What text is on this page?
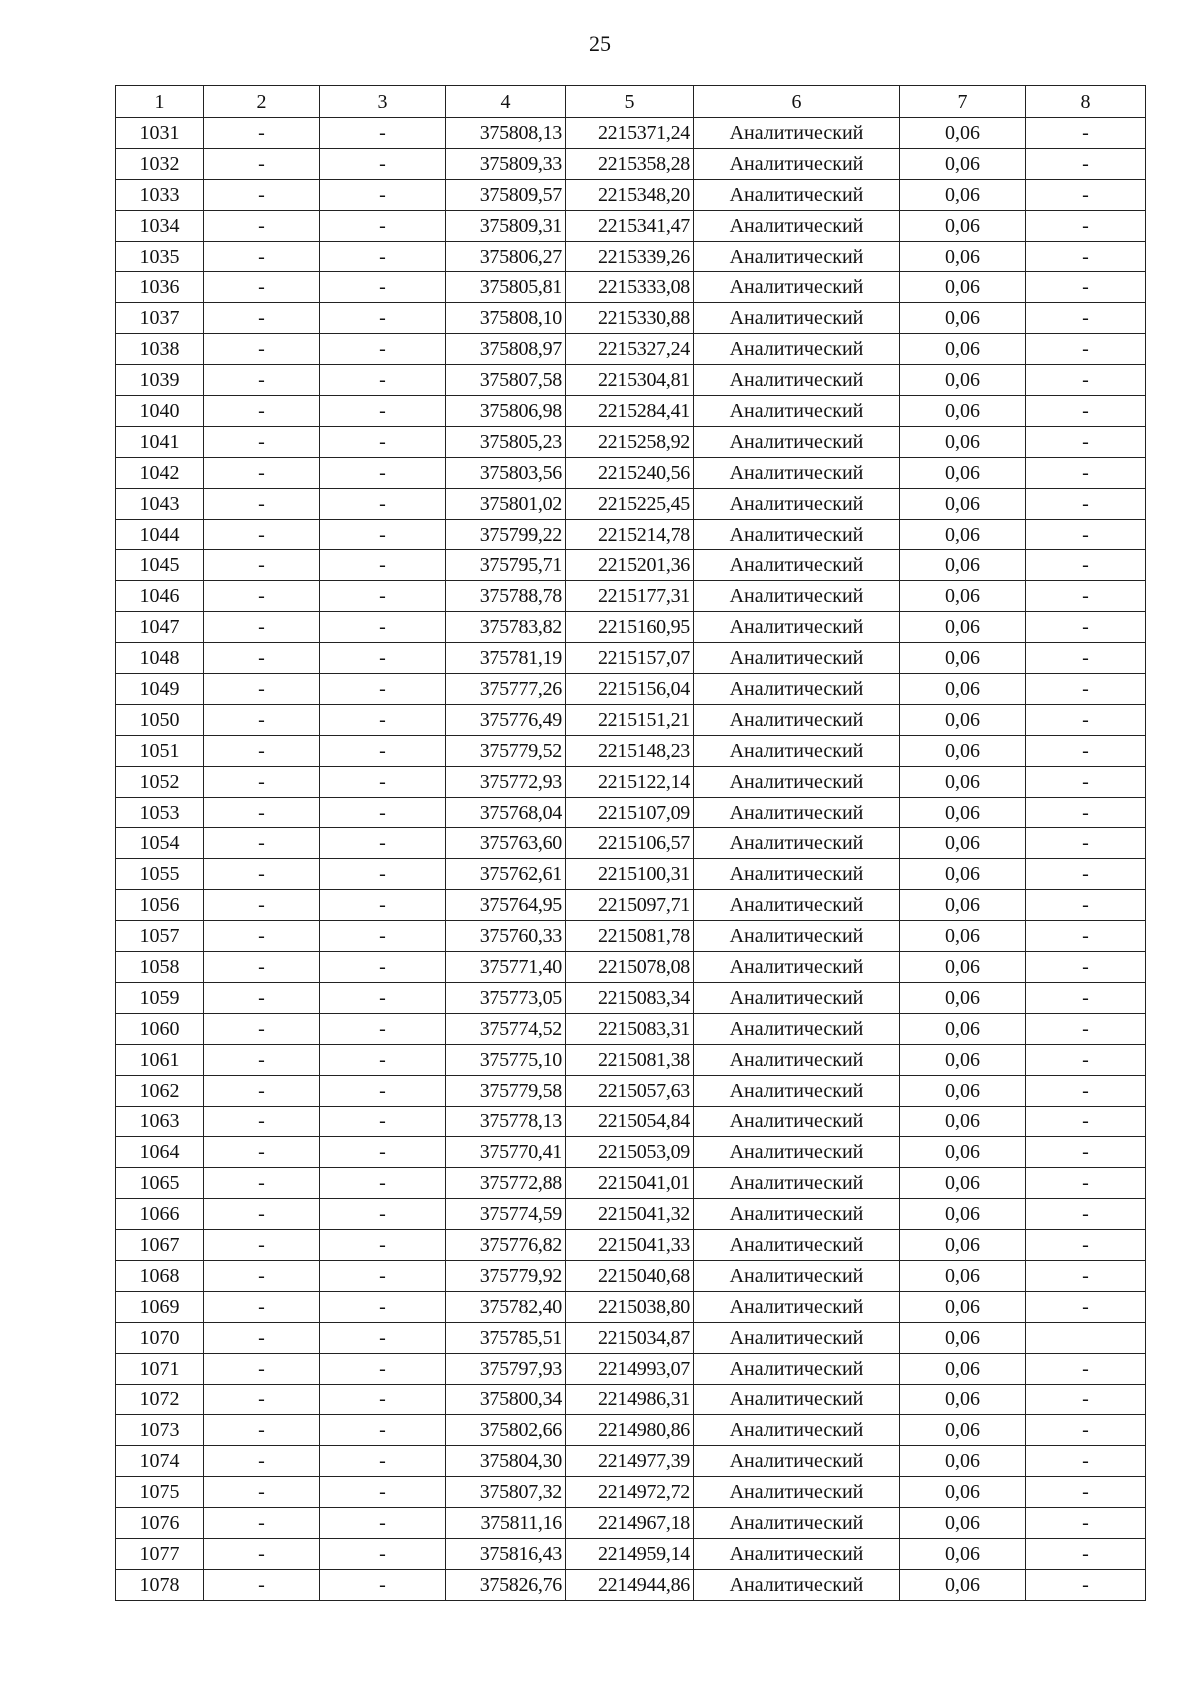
25
1	2	3	4	5	6	7	8
1031	-	-	375808,13	2215371,24	Аналитический	0,06	-
1032	-	-	375809,33	2215358,28	Аналитический	0,06	-
1033	-	-	375809,57	2215348,20	Аналитический	0,06	-
1034	-	-	375809,31	2215341,47	Аналитический	0,06	-
1035	-	-	375806,27	2215339,26	Аналитический	0,06	-
1036	-	-	375805,81	2215333,08	Аналитический	0,06	-
1037	-	-	375808,10	2215330,88	Аналитический	0,06	-
1038	-	-	375808,97	2215327,24	Аналитический	0,06	-
1039	-	-	375807,58	2215304,81	Аналитический	0,06	-
1040	-	-	375806,98	2215284,41	Аналитический	0,06	-
1041	-	-	375805,23	2215258,92	Аналитический	0,06	-
1042	-	-	375803,56	2215240,56	Аналитический	0,06	-
1043	-	-	375801,02	2215225,45	Аналитический	0,06	-
1044	-	-	375799,22	2215214,78	Аналитический	0,06	-
1045	-	-	375795,71	2215201,36	Аналитический	0,06	-
1046	-	-	375788,78	2215177,31	Аналитический	0,06	-
1047	-	-	375783,82	2215160,95	Аналитический	0,06	-
1048	-	-	375781,19	2215157,07	Аналитический	0,06	-
1049	-	-	375777,26	2215156,04	Аналитический	0,06	-
1050	-	-	375776,49	2215151,21	Аналитический	0,06	-
1051	-	-	375779,52	2215148,23	Аналитический	0,06	-
1052	-	-	375772,93	2215122,14	Аналитический	0,06	-
1053	-	-	375768,04	2215107,09	Аналитический	0,06	-
1054	-	-	375763,60	2215106,57	Аналитический	0,06	-
1055	-	-	375762,61	2215100,31	Аналитический	0,06	-
1056	-	-	375764,95	2215097,71	Аналитический	0,06	-
1057	-	-	375760,33	2215081,78	Аналитический	0,06	-
1058	-	-	375771,40	2215078,08	Аналитический	0,06	-
1059	-	-	375773,05	2215083,34	Аналитический	0,06	-
1060	-	-	375774,52	2215083,31	Аналитический	0,06	-
1061	-	-	375775,10	2215081,38	Аналитический	0,06	-
1062	-	-	375779,58	2215057,63	Аналитический	0,06	-
1063	-	-	375778,13	2215054,84	Аналитический	0,06	-
1064	-	-	375770,41	2215053,09	Аналитический	0,06	-
1065	-	-	375772,88	2215041,01	Аналитический	0,06	-
1066	-	-	375774,59	2215041,32	Аналитический	0,06	-
1067	-	-	375776,82	2215041,33	Аналитический	0,06	-
1068	-	-	375779,92	2215040,68	Аналитический	0,06	-
1069	-	-	375782,40	2215038,80	Аналитический	0,06	-
1070	-	-	375785,51	2215034,87	Аналитический	0,06	
1071	-	-	375797,93	2214993,07	Аналитический	0,06	-
1072	-	-	375800,34	2214986,31	Аналитический	0,06	-
1073	-	-	375802,66	2214980,86	Аналитический	0,06	-
1074	-	-	375804,30	2214977,39	Аналитический	0,06	-
1075	-	-	375807,32	2214972,72	Аналитический	0,06	-
1076	-	-	375811,16	2214967,18	Аналитический	0,06	-
1077	-	-	375816,43	2214959,14	Аналитический	0,06	-
1078	-	-	375826,76	2214944,86	Аналитический	0,06	-
